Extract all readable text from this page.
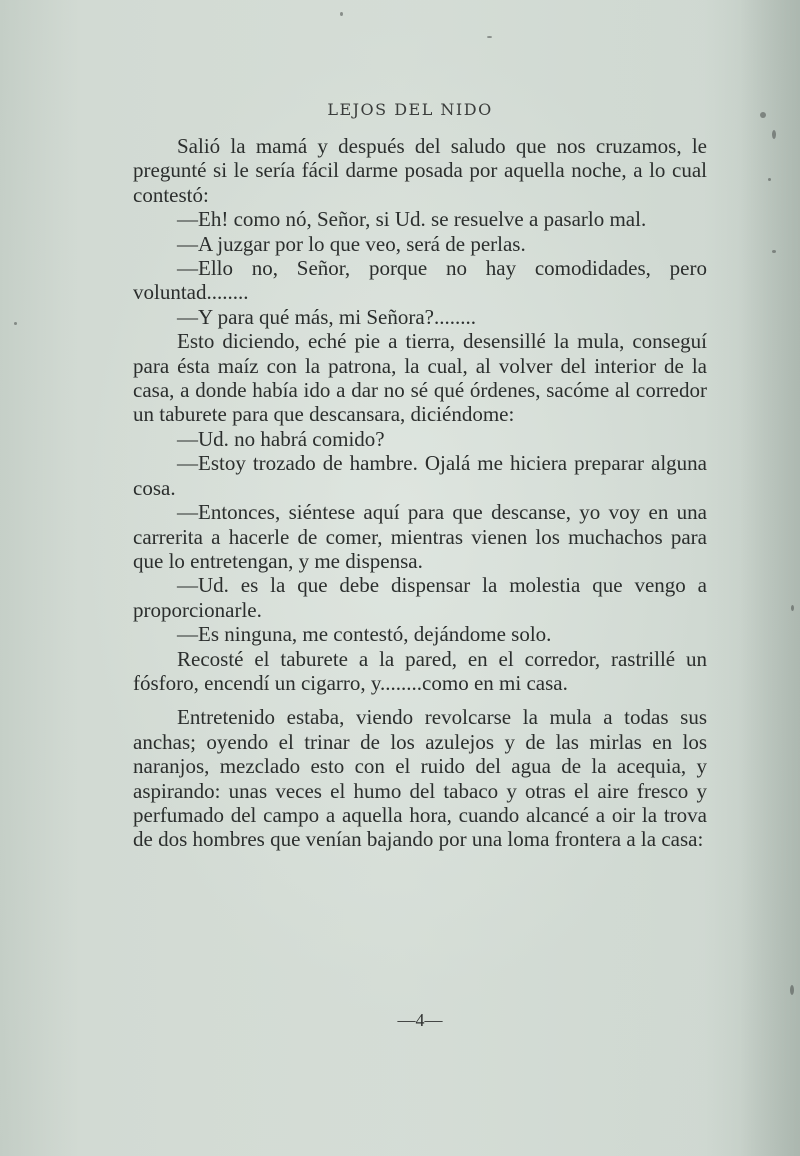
LEJOS DEL NIDO

Salió la mamá y después del saludo que nos cruzamos, le pregunté si le sería fácil darme posada por aquella noche, a lo cual contestó:

—Eh! como nó, Señor, si Ud. se resuelve a pasarlo mal.

—A juzgar por lo que veo, será de perlas.

—Ello no, Señor, porque no hay comodidades, pero voluntad........

—Y para qué más, mi Señora?........

Esto diciendo, eché pie a tierra, desensillé la mula, conseguí para ésta maíz con la patrona, la cual, al volver del interior de la casa, a donde había ido a dar no sé qué órdenes, sacóme al corredor un taburete para que descansara, diciéndome:

—Ud. no habrá comido?

—Estoy trozado de hambre. Ojalá me hiciera preparar alguna cosa.

—Entonces, siéntese aquí para que descanse, yo voy en una carrerita a hacerle de comer, mientras vienen los muchachos para que lo entretengan, y me dispensa.

—Ud. es la que debe dispensar la molestia que vengo a proporcionarle.

—Es ninguna, me contestó, dejándome solo.

Recosté el taburete a la pared, en el corredor, rastrillé un fósforo, encendí un cigarro, y........como en mi casa.

Entretenido estaba, viendo revolcarse la mula a todas sus anchas; oyendo el trinar de los azulejos y de las mirlas en los naranjos, mezclado esto con el ruido del agua de la acequia, y aspirando: unas veces el humo del tabaco y otras el aire fresco y perfumado del campo a aquella hora, cuando alcancé a oir la trova de dos hombres que venían bajando por una loma frontera a la casa:

—4—
